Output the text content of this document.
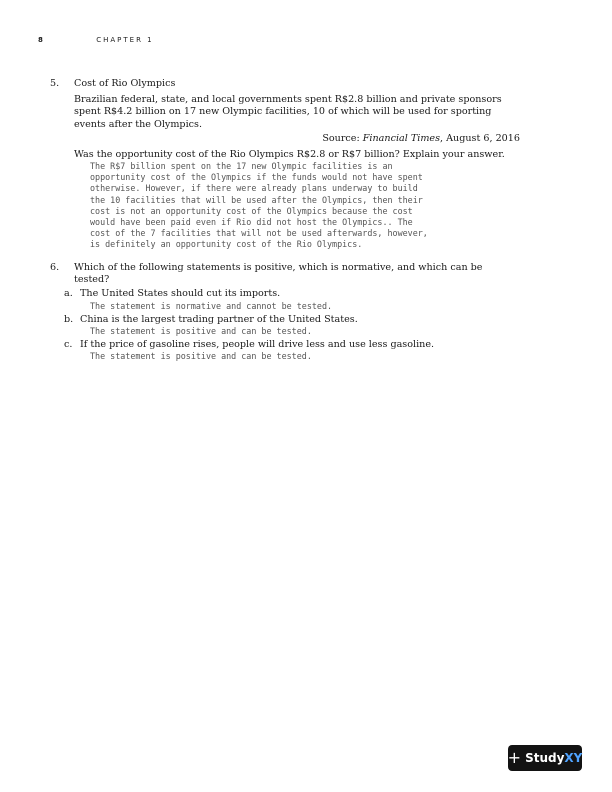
8	CHAPTER 1
5. Cost of Rio Olympics
Brazilian federal, state, and local governments spent R$2.8 billion and private sponsors spent R$4.2 billion on 17 new Olympic facilities, 10 of which will be used for sporting events after the Olympics.
Source: Financial Times, August 6, 2016
Was the opportunity cost of the Rio Olympics R$2.8 or R$7 billion? Explain your answer.
The R$7 billion spent on the 17 new Olympic facilities is an
opportunity cost of the Olympics if the funds would not have spent
otherwise. However, if there were already plans underway to build
the 10 facilities that will be used after the Olympics, then their
cost is not an opportunity cost of the Olympics because the cost
would have been paid even if Rio did not host the Olympics.. The
cost of the 7 facilities that will not be used afterwards, however,
is definitely an opportunity cost of the Rio Olympics.
6. Which of the following statements is positive, which is normative, and which can be tested?
a. The United States should cut its imports.
The statement is normative and cannot be tested.
b. China is the largest trading partner of the United States.
The statement is positive and can be tested.
c. If the price of gasoline rises, people will drive less and use less gasoline.
The statement is positive and can be tested.
+ StudyXY
